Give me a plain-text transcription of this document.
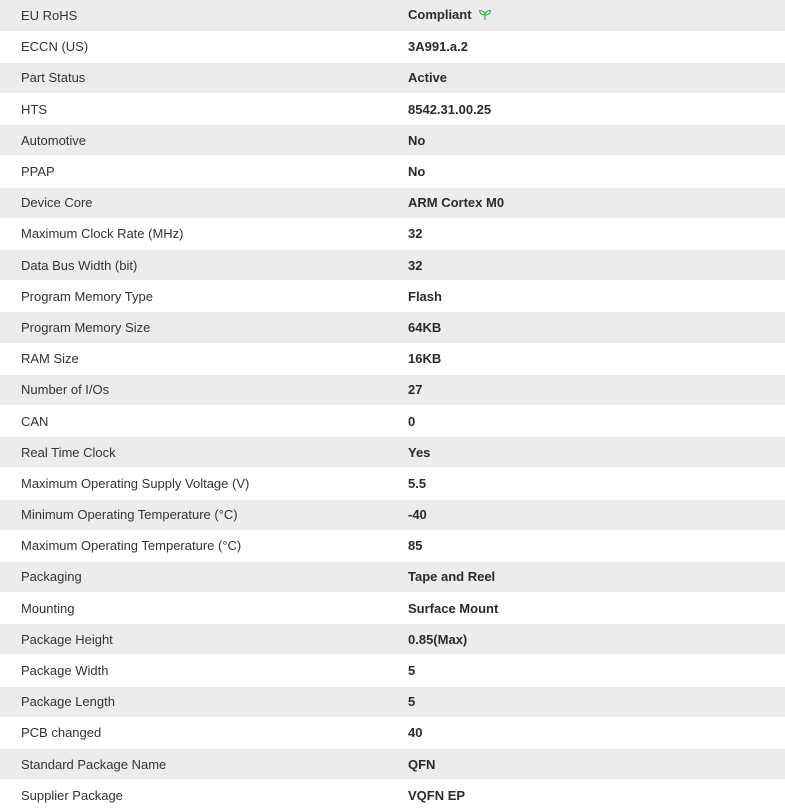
EU RoHS	Compliant
ECCN (US)	3A991.a.2
Part Status	Active
HTS	8542.31.00.25
Automotive	No
PPAP	No
Device Core	ARM Cortex M0
Maximum Clock Rate (MHz)	32
Data Bus Width (bit)	32
Program Memory Type	Flash
Program Memory Size	64KB
RAM Size	16KB
Number of I/Os	27
CAN	0
Real Time Clock	Yes
Maximum Operating Supply Voltage (V)	5.5
Minimum Operating Temperature (°C)	-40
Maximum Operating Temperature (°C)	85
Packaging	Tape and Reel
Mounting	Surface Mount
Package Height	0.85(Max)
Package Width	5
Package Length	5
PCB changed	40
Standard Package Name	QFN
Supplier Package	VQFN EP
